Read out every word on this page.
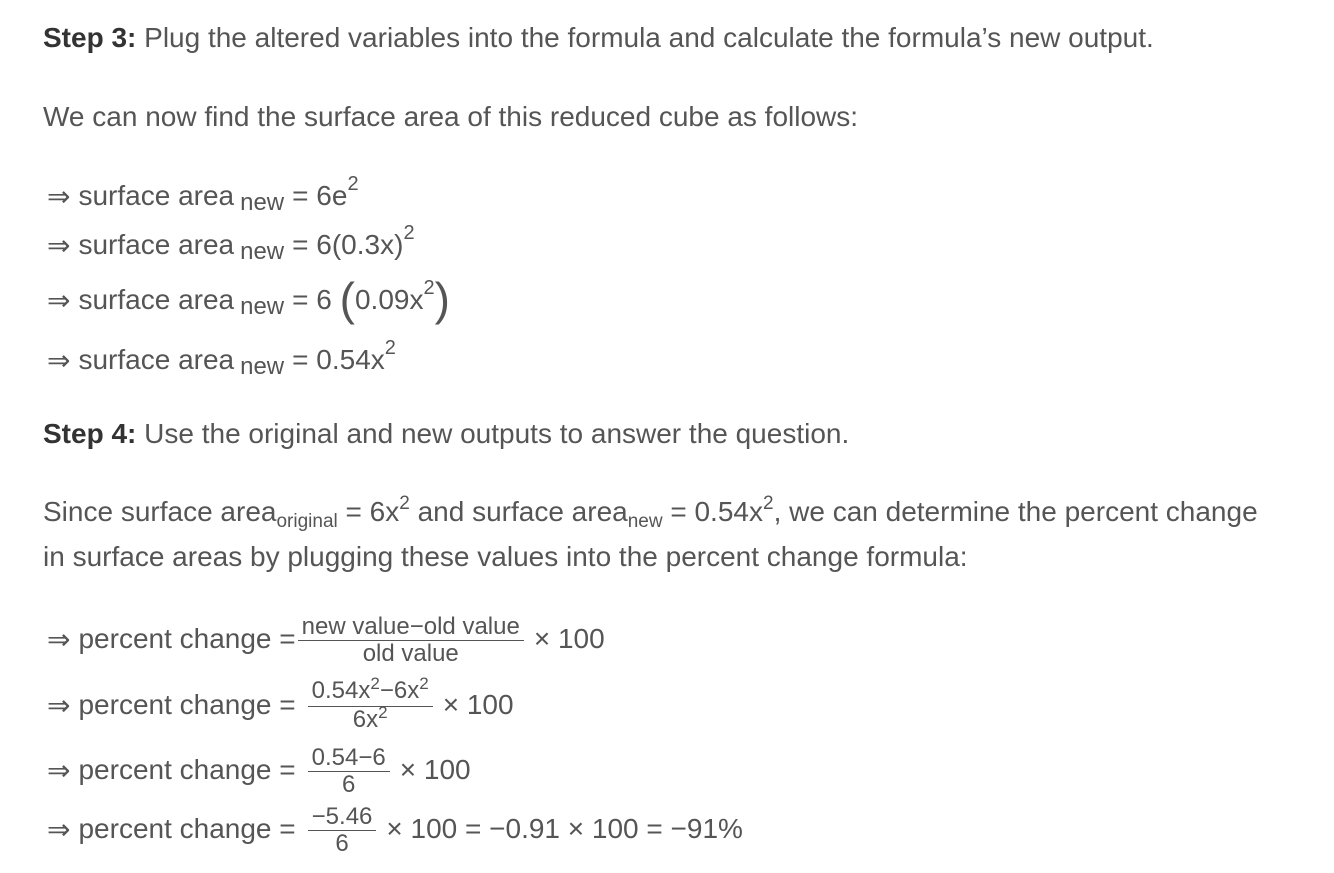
Step 3: Plug the altered variables into the formula and calculate the formula’s new output.

We can now find the surface area of this reduced cube as follows:

⇒ surface area new =
6e 2
⇒ surface area new =
6(0.3x) 2
⇒ surface area new =
6
( 0.09x 2 )
⇒ surface area new =
0.54x 2

Step 4: Use the original and new outputs to answer the question.

Since surface area$_{original}$ = $6x^2$ and surface area$_{new}$ = $0.54x^2$, we can determine the percent change

in surface areas by plugging these values into the percent change formula:

⇒ percent change
= $\frac{\text{new value−old value}}{\text{old value}} \times 100$
⇒ percent change
= $\frac{0.54x^2-6x^2}{6x^2} \times 100$
⇒ percent change
= $\frac{0.54-6}{6} \times 100$
⇒ percent change
= $\frac{-5.46}{6} \times 100 = -0.91 \times 100 = -91\%$
